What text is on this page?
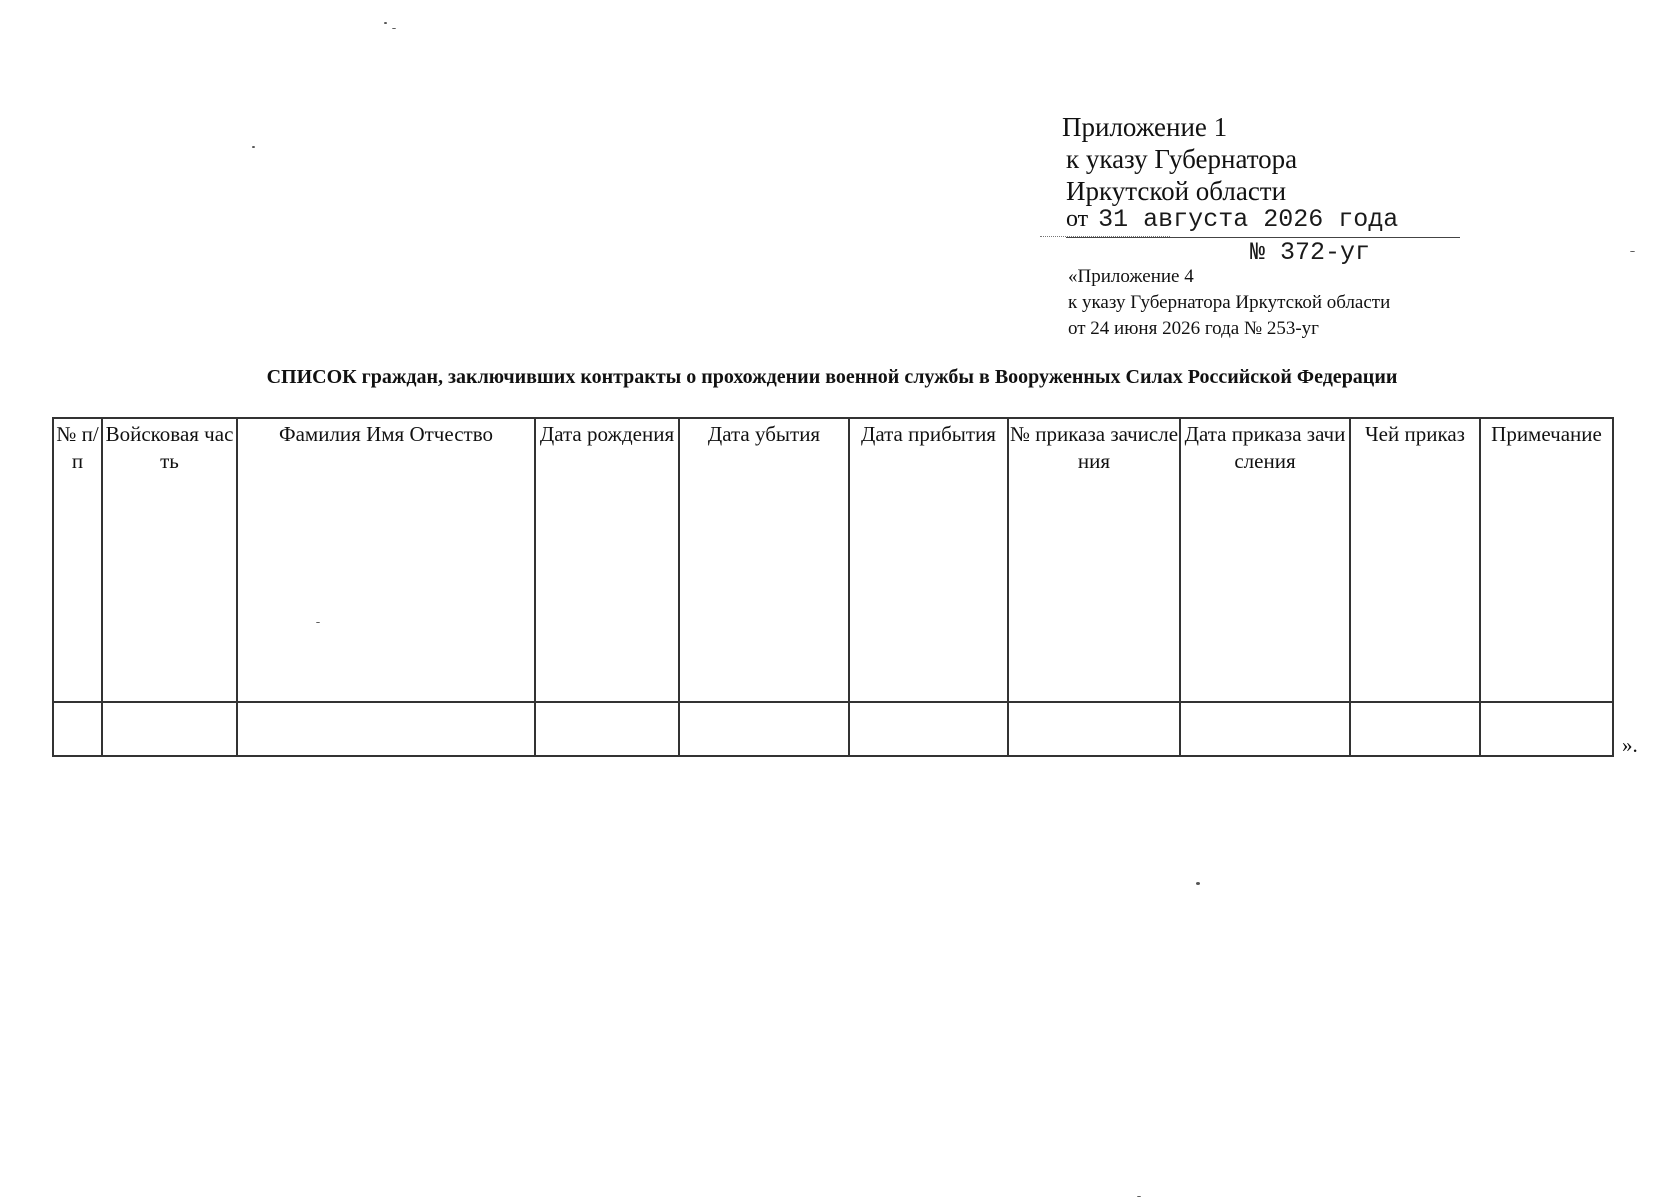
Приложение 1
к указу Губернатора
Иркутской области
от 31 августа 2026 года
№ 372-уг
«Приложение 4
к указу Губернатора Иркутской области
от 24 июня 2026 года № 253-уг
СПИСОК граждан, заключивших контракты о прохождении военной службы в Вооруженных Силах Российской Федерации
№ п/п	Войсковая часть	Фамилия Имя Отчество	Дата рождения	Дата убытия	Дата прибытия	№ приказа зачисления	Дата приказа зачисления	Чей приказ	Примечание

».
